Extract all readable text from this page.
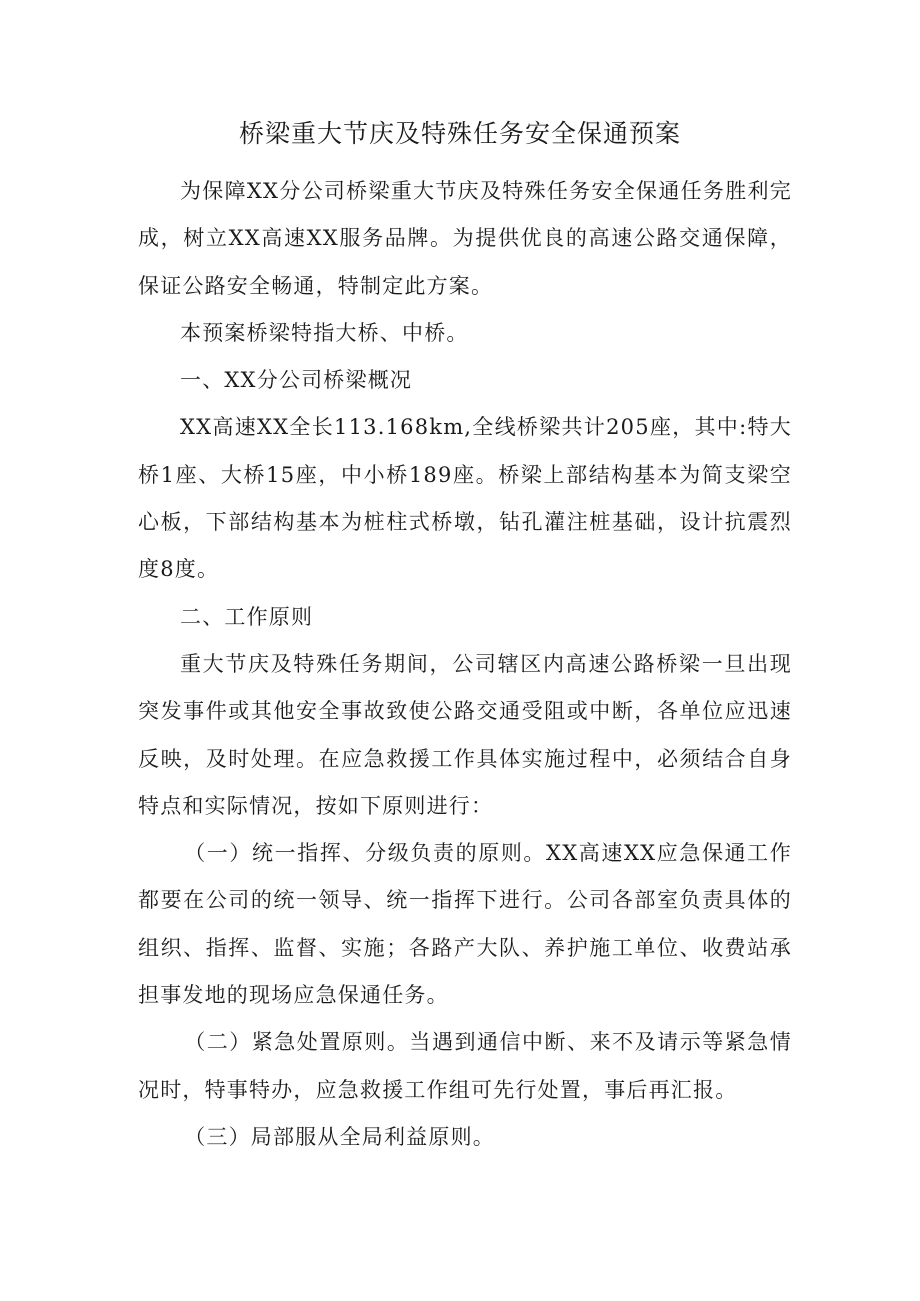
桥梁重大节庆及特殊任务安全保通预案

为保障XX分公司桥梁重大节庆及特殊任务安全保通任务胜利完成，树立XX高速XX服务品牌。为提供优良的高速公路交通保障，保证公路安全畅通，特制定此方案。

本预案桥梁特指大桥、中桥。

一、XX分公司桥梁概况

XX高速XX全长113.168km,全线桥梁共计205座，其中:特大桥1座、大桥15座，中小桥189座。桥梁上部结构基本为简支梁空心板，下部结构基本为桩柱式桥墩，钻孔灌注桩基础，设计抗震烈度8度。

二、工作原则

重大节庆及特殊任务期间，公司辖区内高速公路桥梁一旦出现突发事件或其他安全事故致使公路交通受阻或中断，各单位应迅速反映，及时处理。在应急救援工作具体实施过程中，必须结合自身特点和实际情况，按如下原则进行：

（一）统一指挥、分级负责的原则。XX高速XX应急保通工作都要在公司的统一领导、统一指挥下进行。公司各部室负责具体的组织、指挥、监督、实施；各路产大队、养护施工单位、收费站承担事发地的现场应急保通任务。

（二）紧急处置原则。当遇到通信中断、来不及请示等紧急情况时，特事特办，应急救援工作组可先行处置，事后再汇报。

（三）局部服从全局利益原则。
